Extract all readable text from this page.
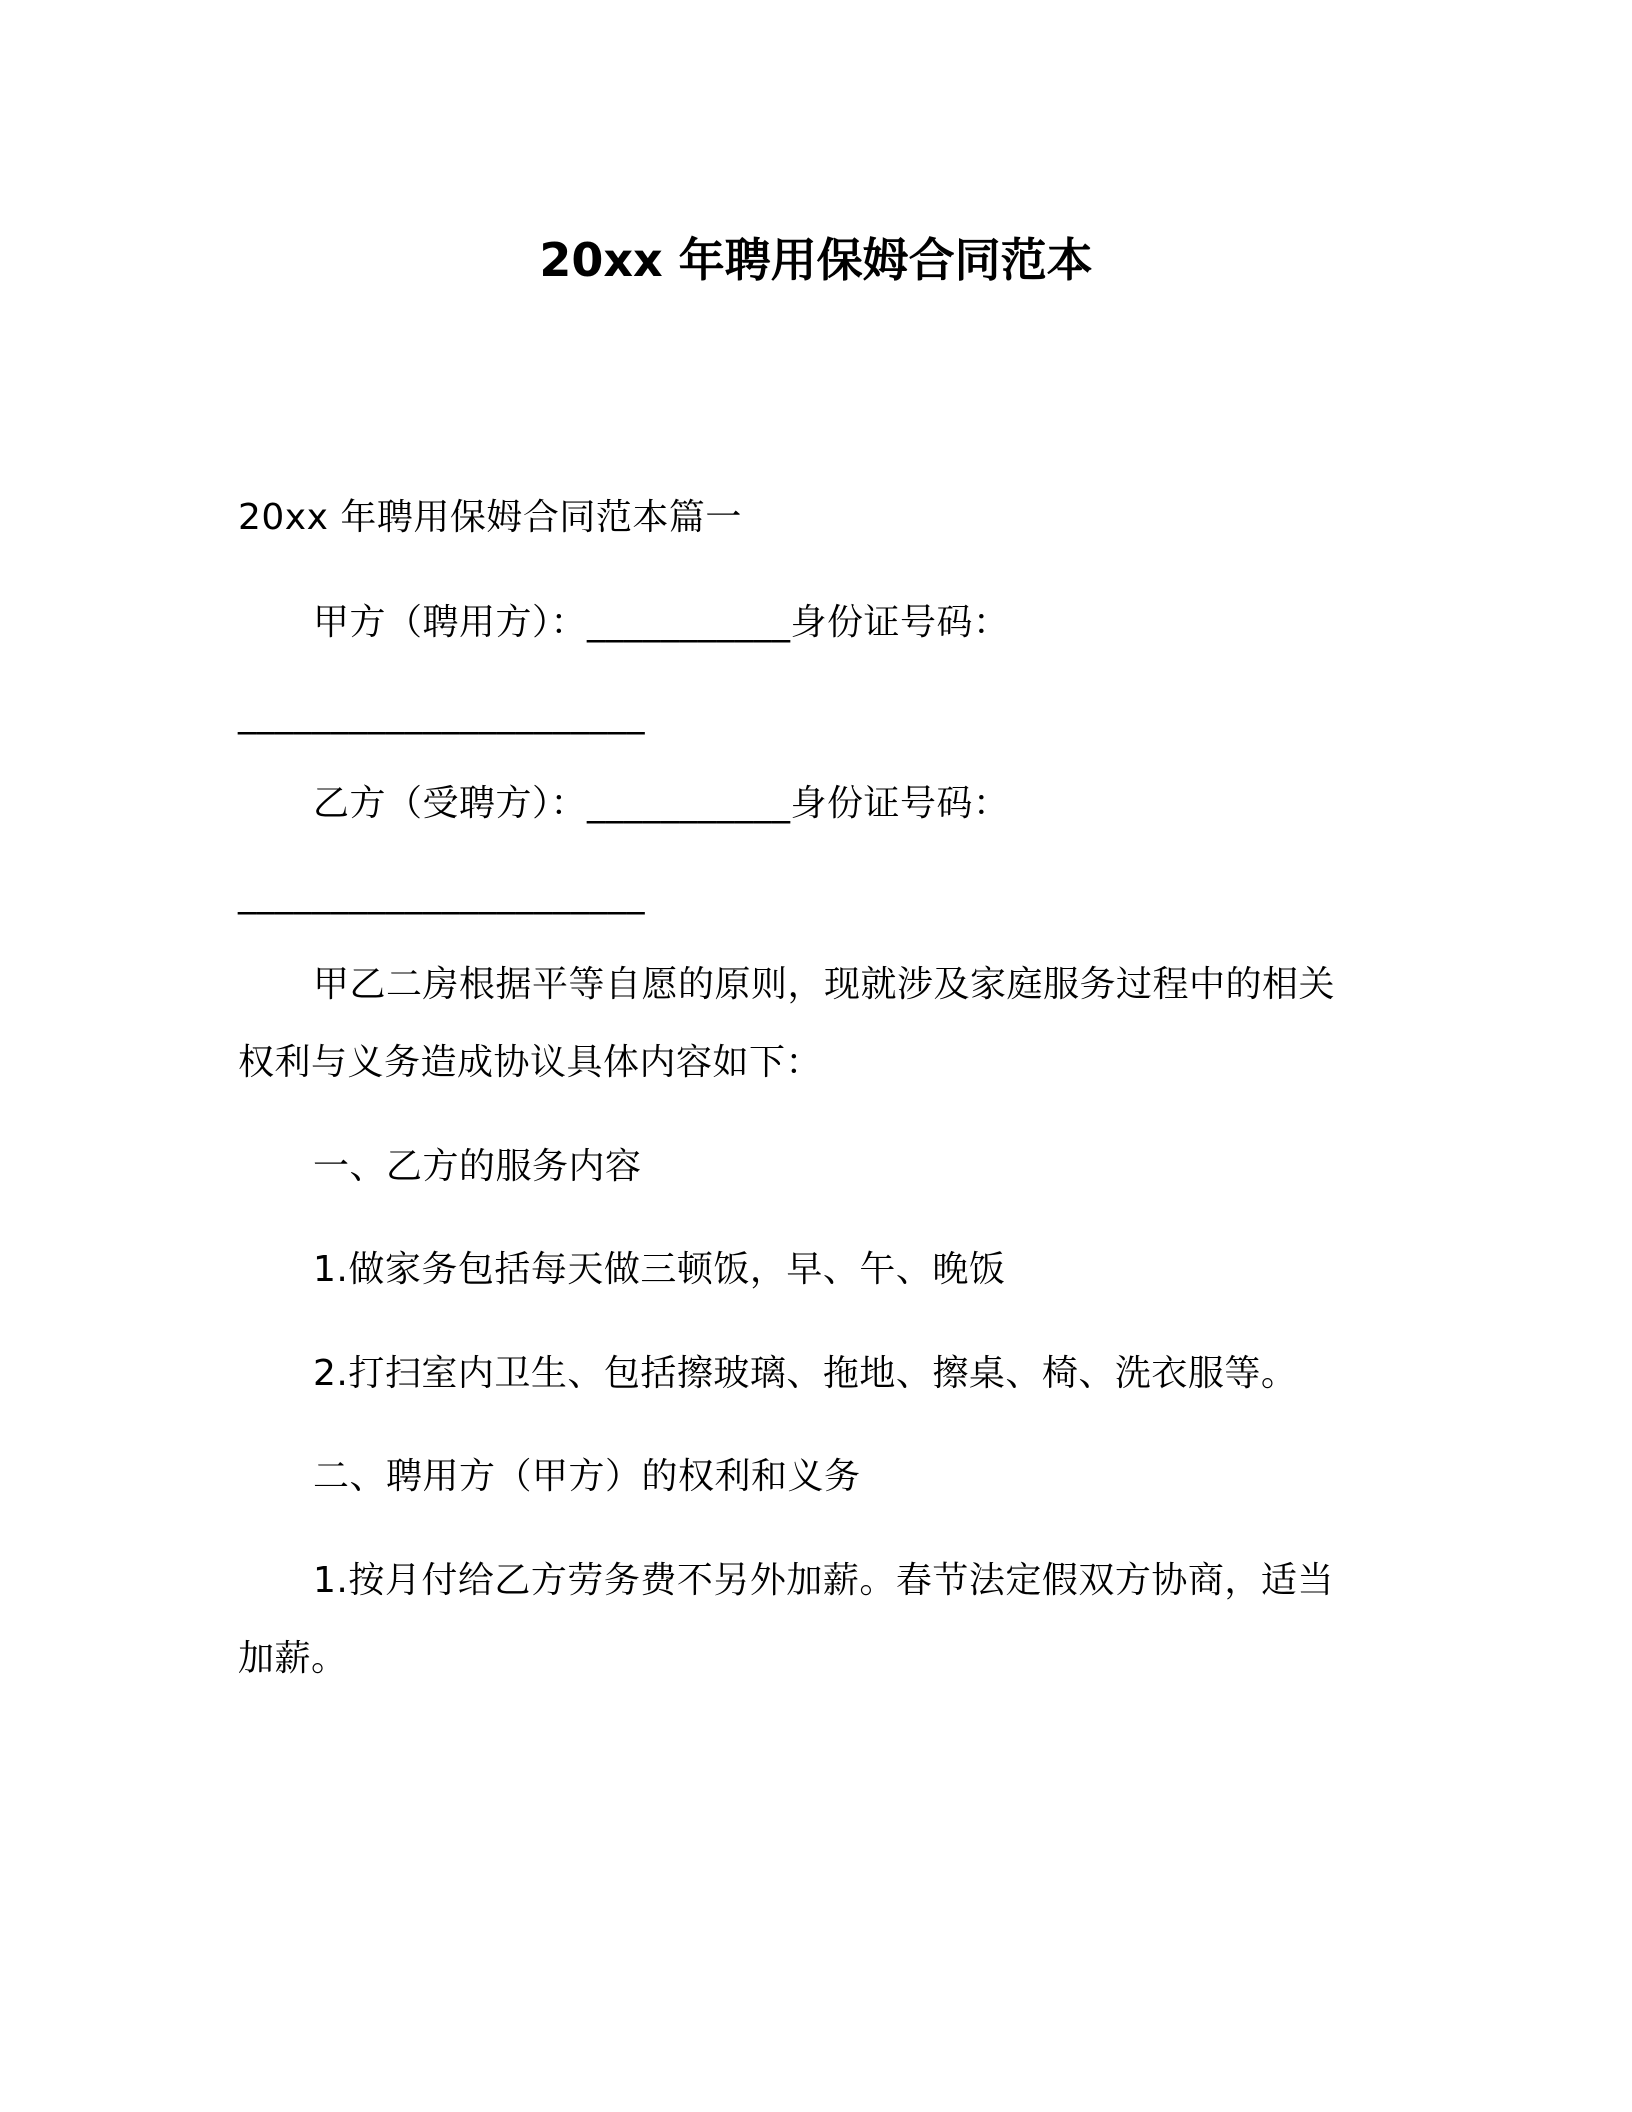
20xx 年聘用保姆合同范本
20xx 年聘用保姆合同范本篇一
甲方（聘用方）：___________身份证号码：
______________________
乙方（受聘方）：___________身份证号码：
______________________
甲乙二房根据平等自愿的原则，现就涉及家庭服务过程中的相关
权利与义务造成协议具体内容如下：
一、乙方的服务内容
1.做家务包括每天做三顿饭，早、午、晚饭
2.打扫室内卫生、包括擦玻璃、拖地、擦桌、椅、洗衣服等。
二、聘用方（甲方）的权利和义务
1.按月付给乙方劳务费不另外加薪。春节法定假双方协商，适当
加薪。
